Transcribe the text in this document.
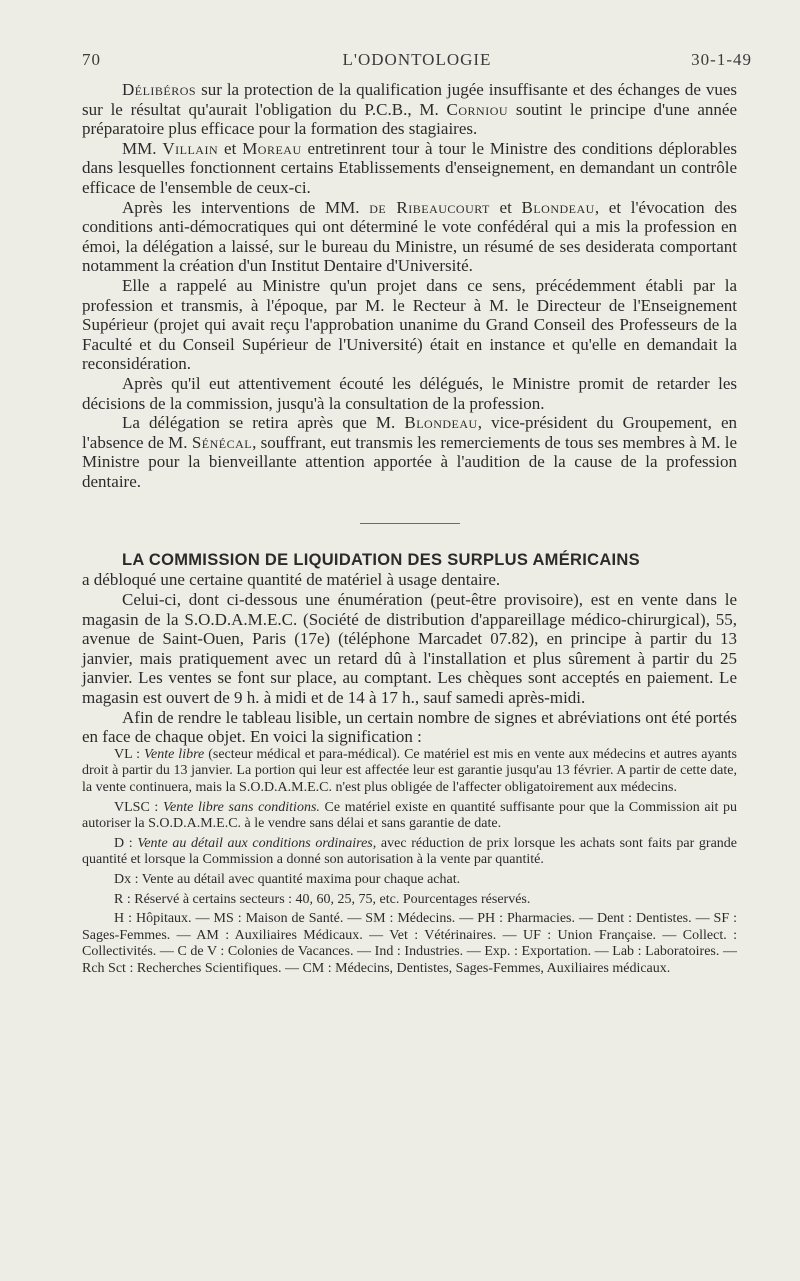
70	L'ODONTOLOGIE	30-1-49

Délibéros sur la protection de la qualification jugée insuffisante et des échanges de vues sur le résultat qu'aurait l'obligation du P.C.B., M. Corniou soutint le principe d'une année préparatoire plus efficace pour la formation des stagiaires.

MM. Villain et Moreau entretinrent tour à tour le Ministre des conditions déplorables dans lesquelles fonctionnent certains Etablissements d'enseignement, en demandant un contrôle efficace de l'ensemble de ceux-ci.

Après les interventions de MM. de Ribeaucourt et Blondeau, et l'évocation des conditions anti-démocratiques qui ont déterminé le vote confédéral qui a mis la profession en émoi, la délégation a laissé, sur le bureau du Ministre, un résumé de ses desiderata comportant notamment la création d'un Institut Dentaire d'Université.

Elle a rappelé au Ministre qu'un projet dans ce sens, précédemment établi par la profession et transmis, à l'époque, par M. le Recteur à M. le Directeur de l'Enseignement Supérieur (projet qui avait reçu l'approbation unanime du Grand Conseil des Professeurs de la Faculté et du Conseil Supérieur de l'Université) était en instance et qu'elle en demandait la reconsidération.

Après qu'il eut attentivement écouté les délégués, le Ministre promit de retarder les décisions de la commission, jusqu'à la consultation de la profession.

La délégation se retira après que M. Blondeau, vice-président du Groupement, en l'absence de M. Sénécal, souffrant, eut transmis les remerciements de tous ses membres à M. le Ministre pour la bienveillante attention apportée à l'audition de la cause de la profession dentaire.

LA COMMISSION DE LIQUIDATION DES SURPLUS AMÉRICAINS

a débloqué une certaine quantité de matériel à usage dentaire.

Celui-ci, dont ci-dessous une énumération (peut-être provisoire), est en vente dans le magasin de la S.O.D.A.M.E.C. (Société de distribution d'appareillage médico-chirurgical), 55, avenue de Saint-Ouen, Paris (17e) (téléphone Marcadet 07.82), en principe à partir du 13 janvier, mais pratiquement avec un retard dû à l'installation et plus sûrement à partir du 25 janvier. Les ventes se font sur place, au comptant. Les chèques sont acceptés en paiement. Le magasin est ouvert de 9 h. à midi et de 14 à 17 h., sauf samedi après-midi.

Afin de rendre le tableau lisible, un certain nombre de signes et abréviations ont été portés en face de chaque objet. En voici la signification :

VL : Vente libre (secteur médical et para-médical). Ce matériel est mis en vente aux médecins et autres ayants droit à partir du 13 janvier. La portion qui leur est affectée leur est garantie jusqu'au 13 février. A partir de cette date, la vente continuera, mais la S.O.D.A.M.E.C. n'est plus obligée de l'affecter obligatoirement aux médecins.

VLSC : Vente libre sans conditions. Ce matériel existe en quantité suffisante pour que la Commission ait pu autoriser la S.O.D.A.M.E.C. à le vendre sans délai et sans garantie de date.

D : Vente au détail aux conditions ordinaires, avec réduction de prix lorsque les achats sont faits par grande quantité et lorsque la Commission a donné son autorisation à la vente par quantité.

Dx : Vente au détail avec quantité maxima pour chaque achat.

R : Réservé à certains secteurs : 40, 60, 25, 75, etc. Pourcentages réservés.

H : Hôpitaux. — MS : Maison de Santé. — SM : Médecins. — PH : Pharmacies. — Dent : Dentistes. — SF : Sages-Femmes. — AM : Auxiliaires Médicaux. — Vet : Vétérinaires. — UF : Union Française. — Collect. : Collectivités. — C de V : Colonies de Vacances. — Ind : Industries. — Exp. : Exportation. — Lab : Laboratoires. — Rch Sct : Recherches Scientifiques. — CM : Médecins, Dentistes, Sages-Femmes, Auxiliaires médicaux.
